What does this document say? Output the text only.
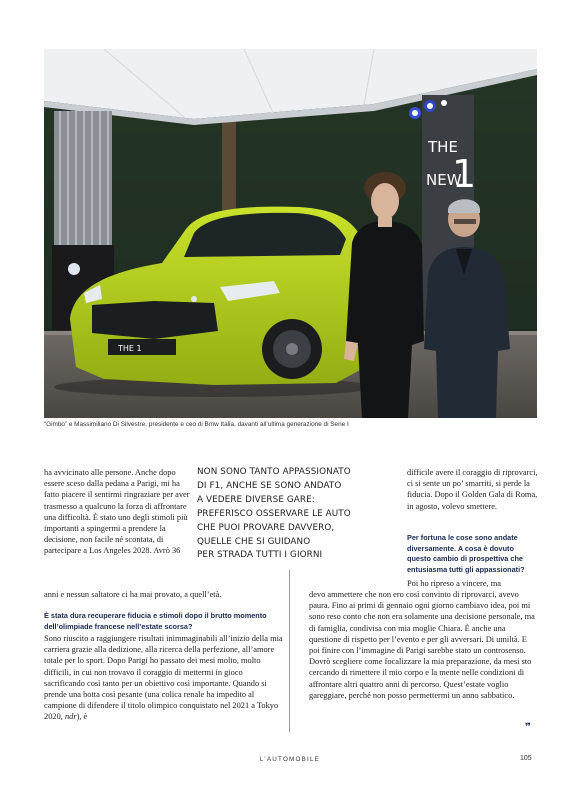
THE
NEW
1
THE 1
“Gimbo” e Massimiliano Di Silvestre, presidente e ceo di Bmw Italia, davanti all’ultima generazione di Serie I

ha avvicinato alle persone. Anche dopo essere sceso dalla pedana a Parigi, mi ha fatto piacere il sentirmi ringraziare per aver trasmesso a qualcuno la forza di affrontare una difficoltà. È stato uno degli stimoli più importanti a spingermi a prendere la decisione, non facile né scontata, di partecipare a Los Angeles 2028. Avrò 36

NON SONO TANTO APPASSIONATO
DI F1, ANCHE SE SONO ANDATO
A VEDERE DIVERSE GARE:
PREFERISCO OSSERVARE LE AUTO
CHE PUOI PROVARE DAVVERO,
QUELLE CHE SI GUIDANO
PER STRADA TUTTI I GIORNI

difficile avere il coraggio di riprovarci, ci si sente un po’ smarriti, si perde la fiducia. Dopo il Golden Gala di Roma, in agosto, volevo smettere.

Per fortuna le cose sono andate diversamente. A cosa è dovuto questo cambio di prospettiva che entusiasma tutti gli appassionati?

Poi ho ripreso a vincere, ma

anni e nessun saltatore ci ha mai provato, a quell’età.

È stata dura recuperare fiducia e stimoli dopo il brutto momento dell’olimpiade francese nell’estate scorsa?

Sono riuscito a raggiungere risultati inimmaginabili all’inizio della mia carriera grazie alla dedizione, alla ricerca della perfezione, all’amore totale per lo sport. Dopo Parigi ho passato dei mesi molto, molto difficili, in cui non trovavo il coraggio di mettermi in gioco sacrificando così tanto per un obiettivo così importante. Quando si prende una botta così pesante (una colica renale ha impedito al campione di difendere il titolo olimpico conquistato nel 2021 a Tokyo 2020, ndr), è

devo ammettere che non ero così convinto di riprovarci, avevo paura. Fino ai primi di gennaio ogni giorno cambiavo idea, poi mi sono reso conto che non era solamente una decisione personale, ma di famiglia, condivisa con mia moglie Chiara. È anche una questione di rispetto per l’evento e per gli avversari. Di umiltà. E poi finire con l’immagine di Parigi sarebbe stato un controsenso. Dovrò scegliere come focalizzare la mia preparazione, da mesi sto cercando di rimettere il mio corpo e la mente nelle condizioni di affrontare altri quattro anni di percorso. Quest’estate voglio gareggiare, perché non posso permettermi un anno sabbatico.

❞
L’AUTOMOBILE	105
